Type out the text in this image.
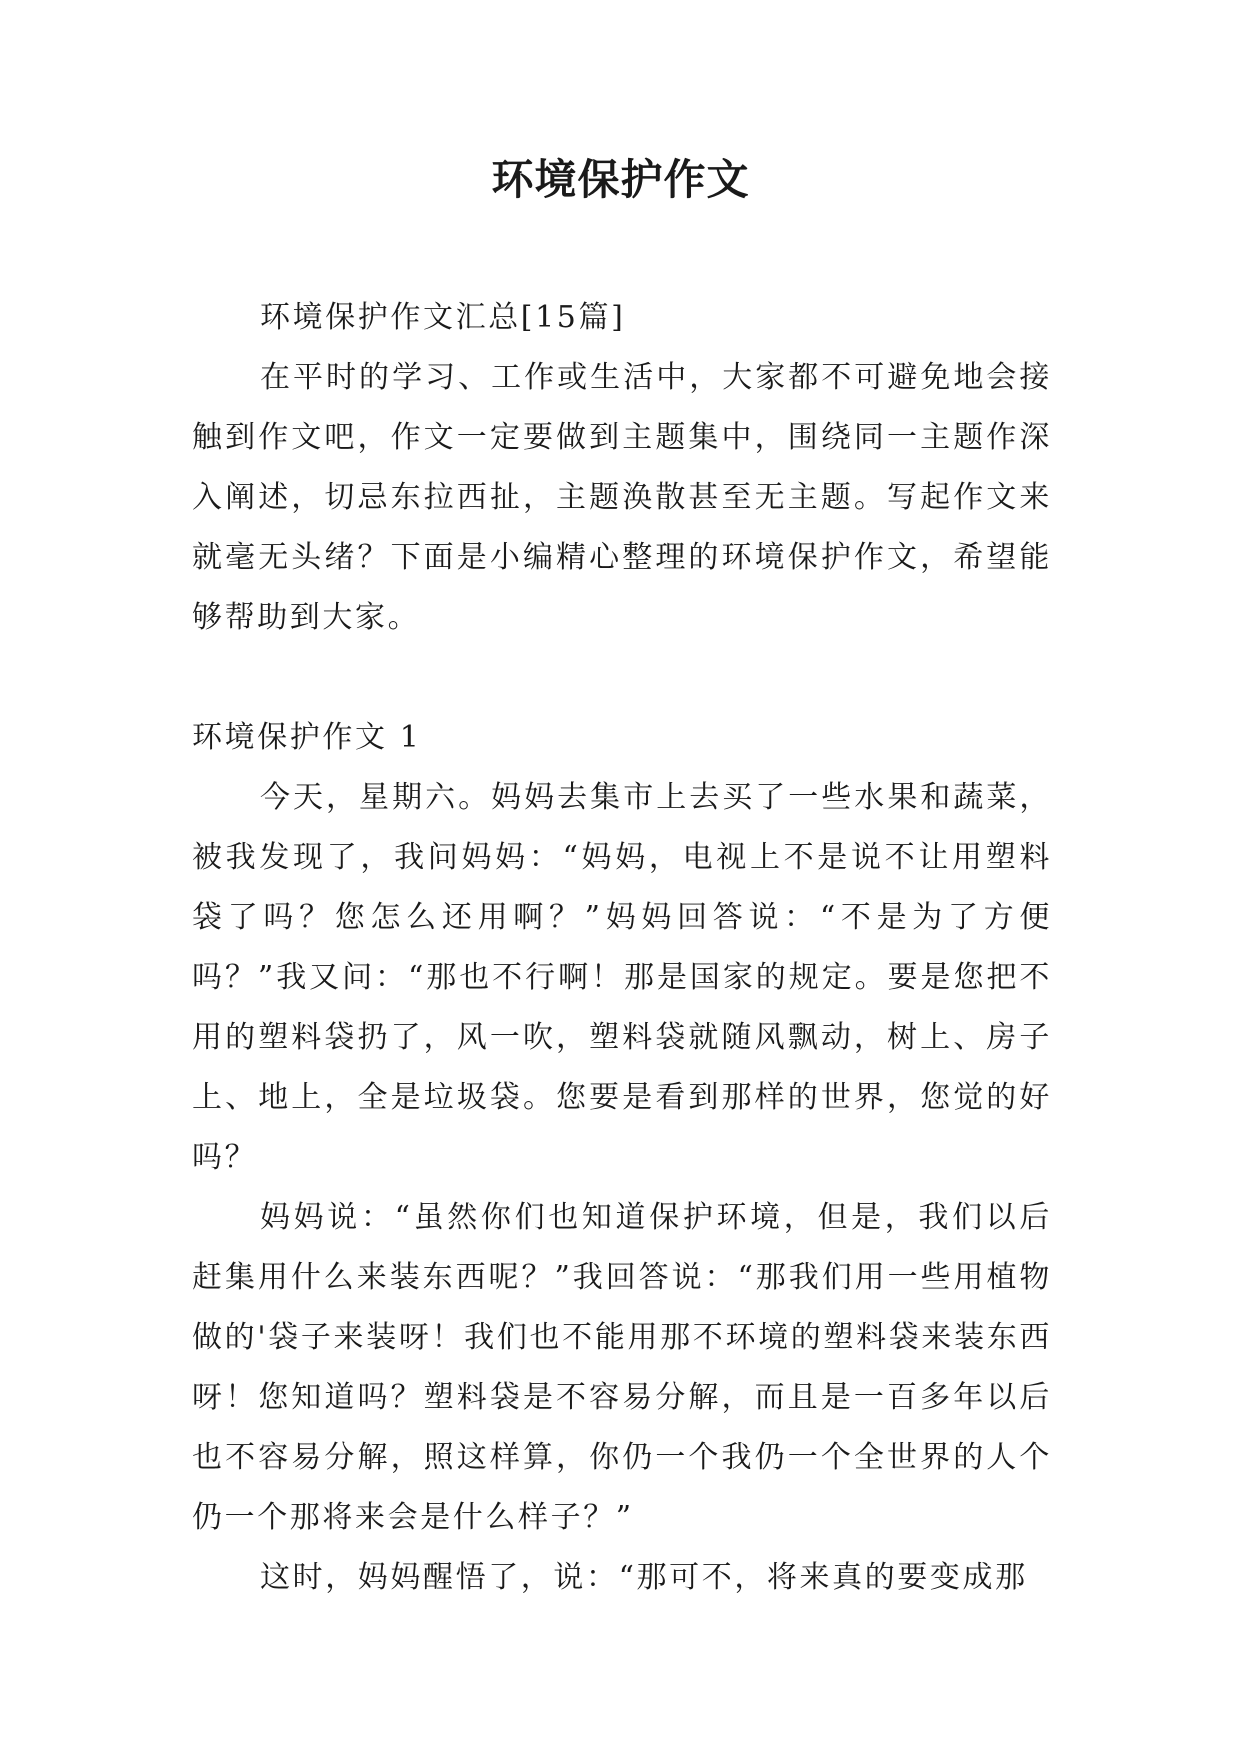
环境保护作文

环境保护作文汇总[15篇]

在平时的学习、工作或生活中，大家都不可避免地会接触到作文吧，作文一定要做到主题集中，围绕同一主题作深入阐述，切忌东拉西扯，主题涣散甚至无主题。写起作文来就毫无头绪？下面是小编精心整理的环境保护作文，希望能够帮助到大家。

环境保护作文 1

今天，星期六。妈妈去集市上去买了一些水果和蔬菜，被我发现了，我问妈妈：“妈妈，电视上不是说不让用塑料袋了吗？您怎么还用啊？”妈妈回答说：“不是为了方便吗？”我又问：“那也不行啊！那是国家的规定。要是您把不用的塑料袋扔了，风一吹，塑料袋就随风飘动，树上、房子上、地上，全是垃圾袋。您要是看到那样的世界，您觉的好吗？

妈妈说：“虽然你们也知道保护环境，但是，我们以后赶集用什么来装东西呢？”我回答说：“那我们用一些用植物做的'袋子来装呀！我们也不能用那不环境的塑料袋来装东西呀！您知道吗？塑料袋是不容易分解，而且是一百多年以后也不容易分解，照这样算，你仍一个我仍一个全世界的人个仍一个那将来会是什么样子？”

这时，妈妈醒悟了，说：“那可不，将来真的要变成那
